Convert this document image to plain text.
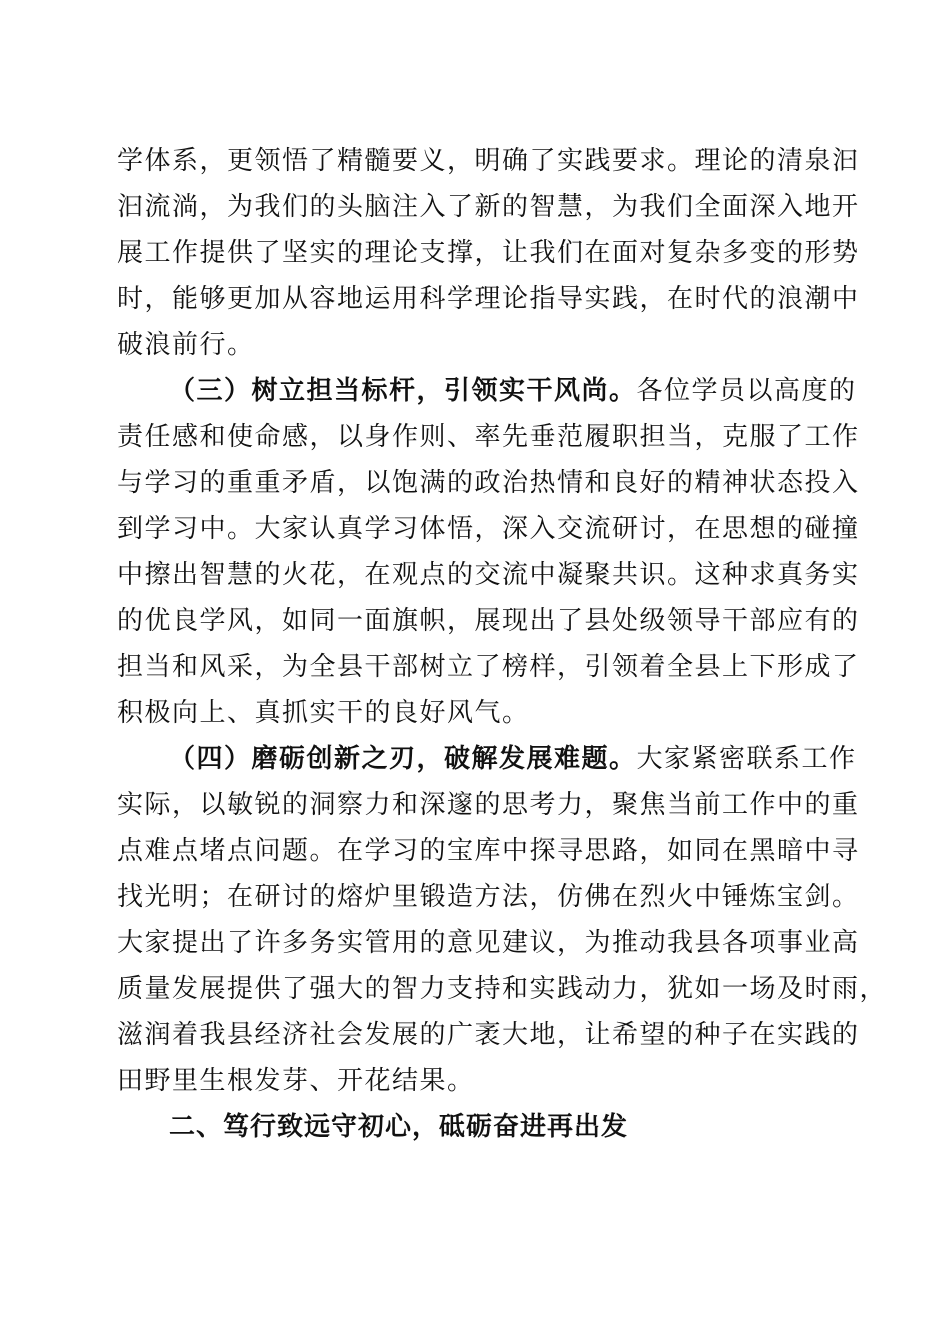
学体系，更领悟了精髓要义，明确了实践要求。理论的清泉汩
汩流淌，为我们的头脑注入了新的智慧，为我们全面深入地开
展工作提供了坚实的理论支撑，让我们在面对复杂多变的形势
时，能够更加从容地运用科学理论指导实践，在时代的浪潮中
破浪前行。
（三）树立担当标杆，引领实干风尚。各位学员以高度的
责任感和使命感，以身作则、率先垂范履职担当，克服了工作
与学习的重重矛盾，以饱满的政治热情和良好的精神状态投入
到学习中。大家认真学习体悟，深入交流研讨，在思想的碰撞
中擦出智慧的火花，在观点的交流中凝聚共识。这种求真务实
的优良学风，如同一面旗帜，展现出了县处级领导干部应有的
担当和风采，为全县干部树立了榜样，引领着全县上下形成了
积极向上、真抓实干的良好风气。
（四）磨砺创新之刃，破解发展难题。大家紧密联系工作
实际，以敏锐的洞察力和深邃的思考力，聚焦当前工作中的重
点难点堵点问题。在学习的宝库中探寻思路，如同在黑暗中寻
找光明；在研讨的熔炉里锻造方法，仿佛在烈火中锤炼宝剑。
大家提出了许多务实管用的意见建议，为推动我县各项事业高
质量发展提供了强大的智力支持和实践动力，犹如一场及时雨，
滋润着我县经济社会发展的广袤大地，让希望的种子在实践的
田野里生根发芽、开花结果。
二、笃行致远守初心，砥砺奋进再出发
